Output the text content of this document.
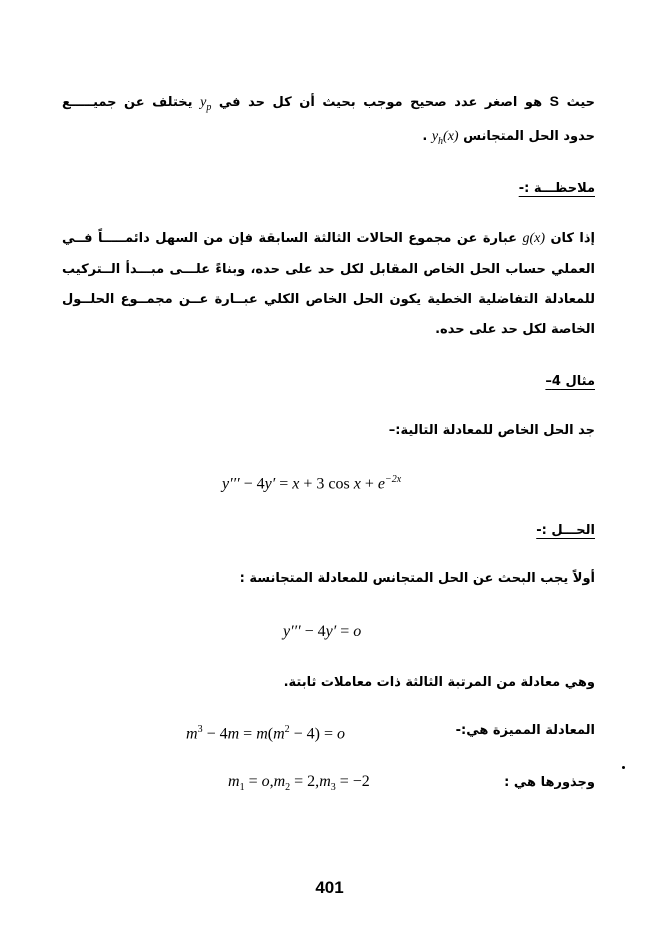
حيث S هو اصغر عدد صحيح موجب بحيث أن كل حد في $y_p$ يختلف عن جميـــــع
حدود الحل المتجانس $y_h(x)$ .
ملاحظـــة :-
إذا كان g(x) عبارة عن مجموع الحالات الثالثة السابقة فإن من السهل دائمـــــاً فــي
العملي حساب الحل الخاص المقابل لكل حد على حده، وبناءً علـــى مبـــدأ الــتركيب
للمعادلة التفاضلية الخطية يكون الحل الخاص الكلي عبــارة عــن مجمــوع الحلــول
الخاصة لكل حد على حده.
مثال 4–
جد الحل الخاص للمعادلة التالية:–
y′′′ − 4y′ = x + 3 $\cos x + e^{-2x}$
الحـــل :-
أولاً يجب البحث عن الحل المتجانس للمعادلة المتجانسة :
y′′′ − 4y′ = o
وهي معادلة من المرتبة الثالثة ذات معاملات ثابتة.
المعادلة المميزة هي:-
$m^3 - 4m = m(m^2 - 4) = o$
وجذورها هي :
$m_1 = o,m_2 = 2,m_3 = -2$
401
